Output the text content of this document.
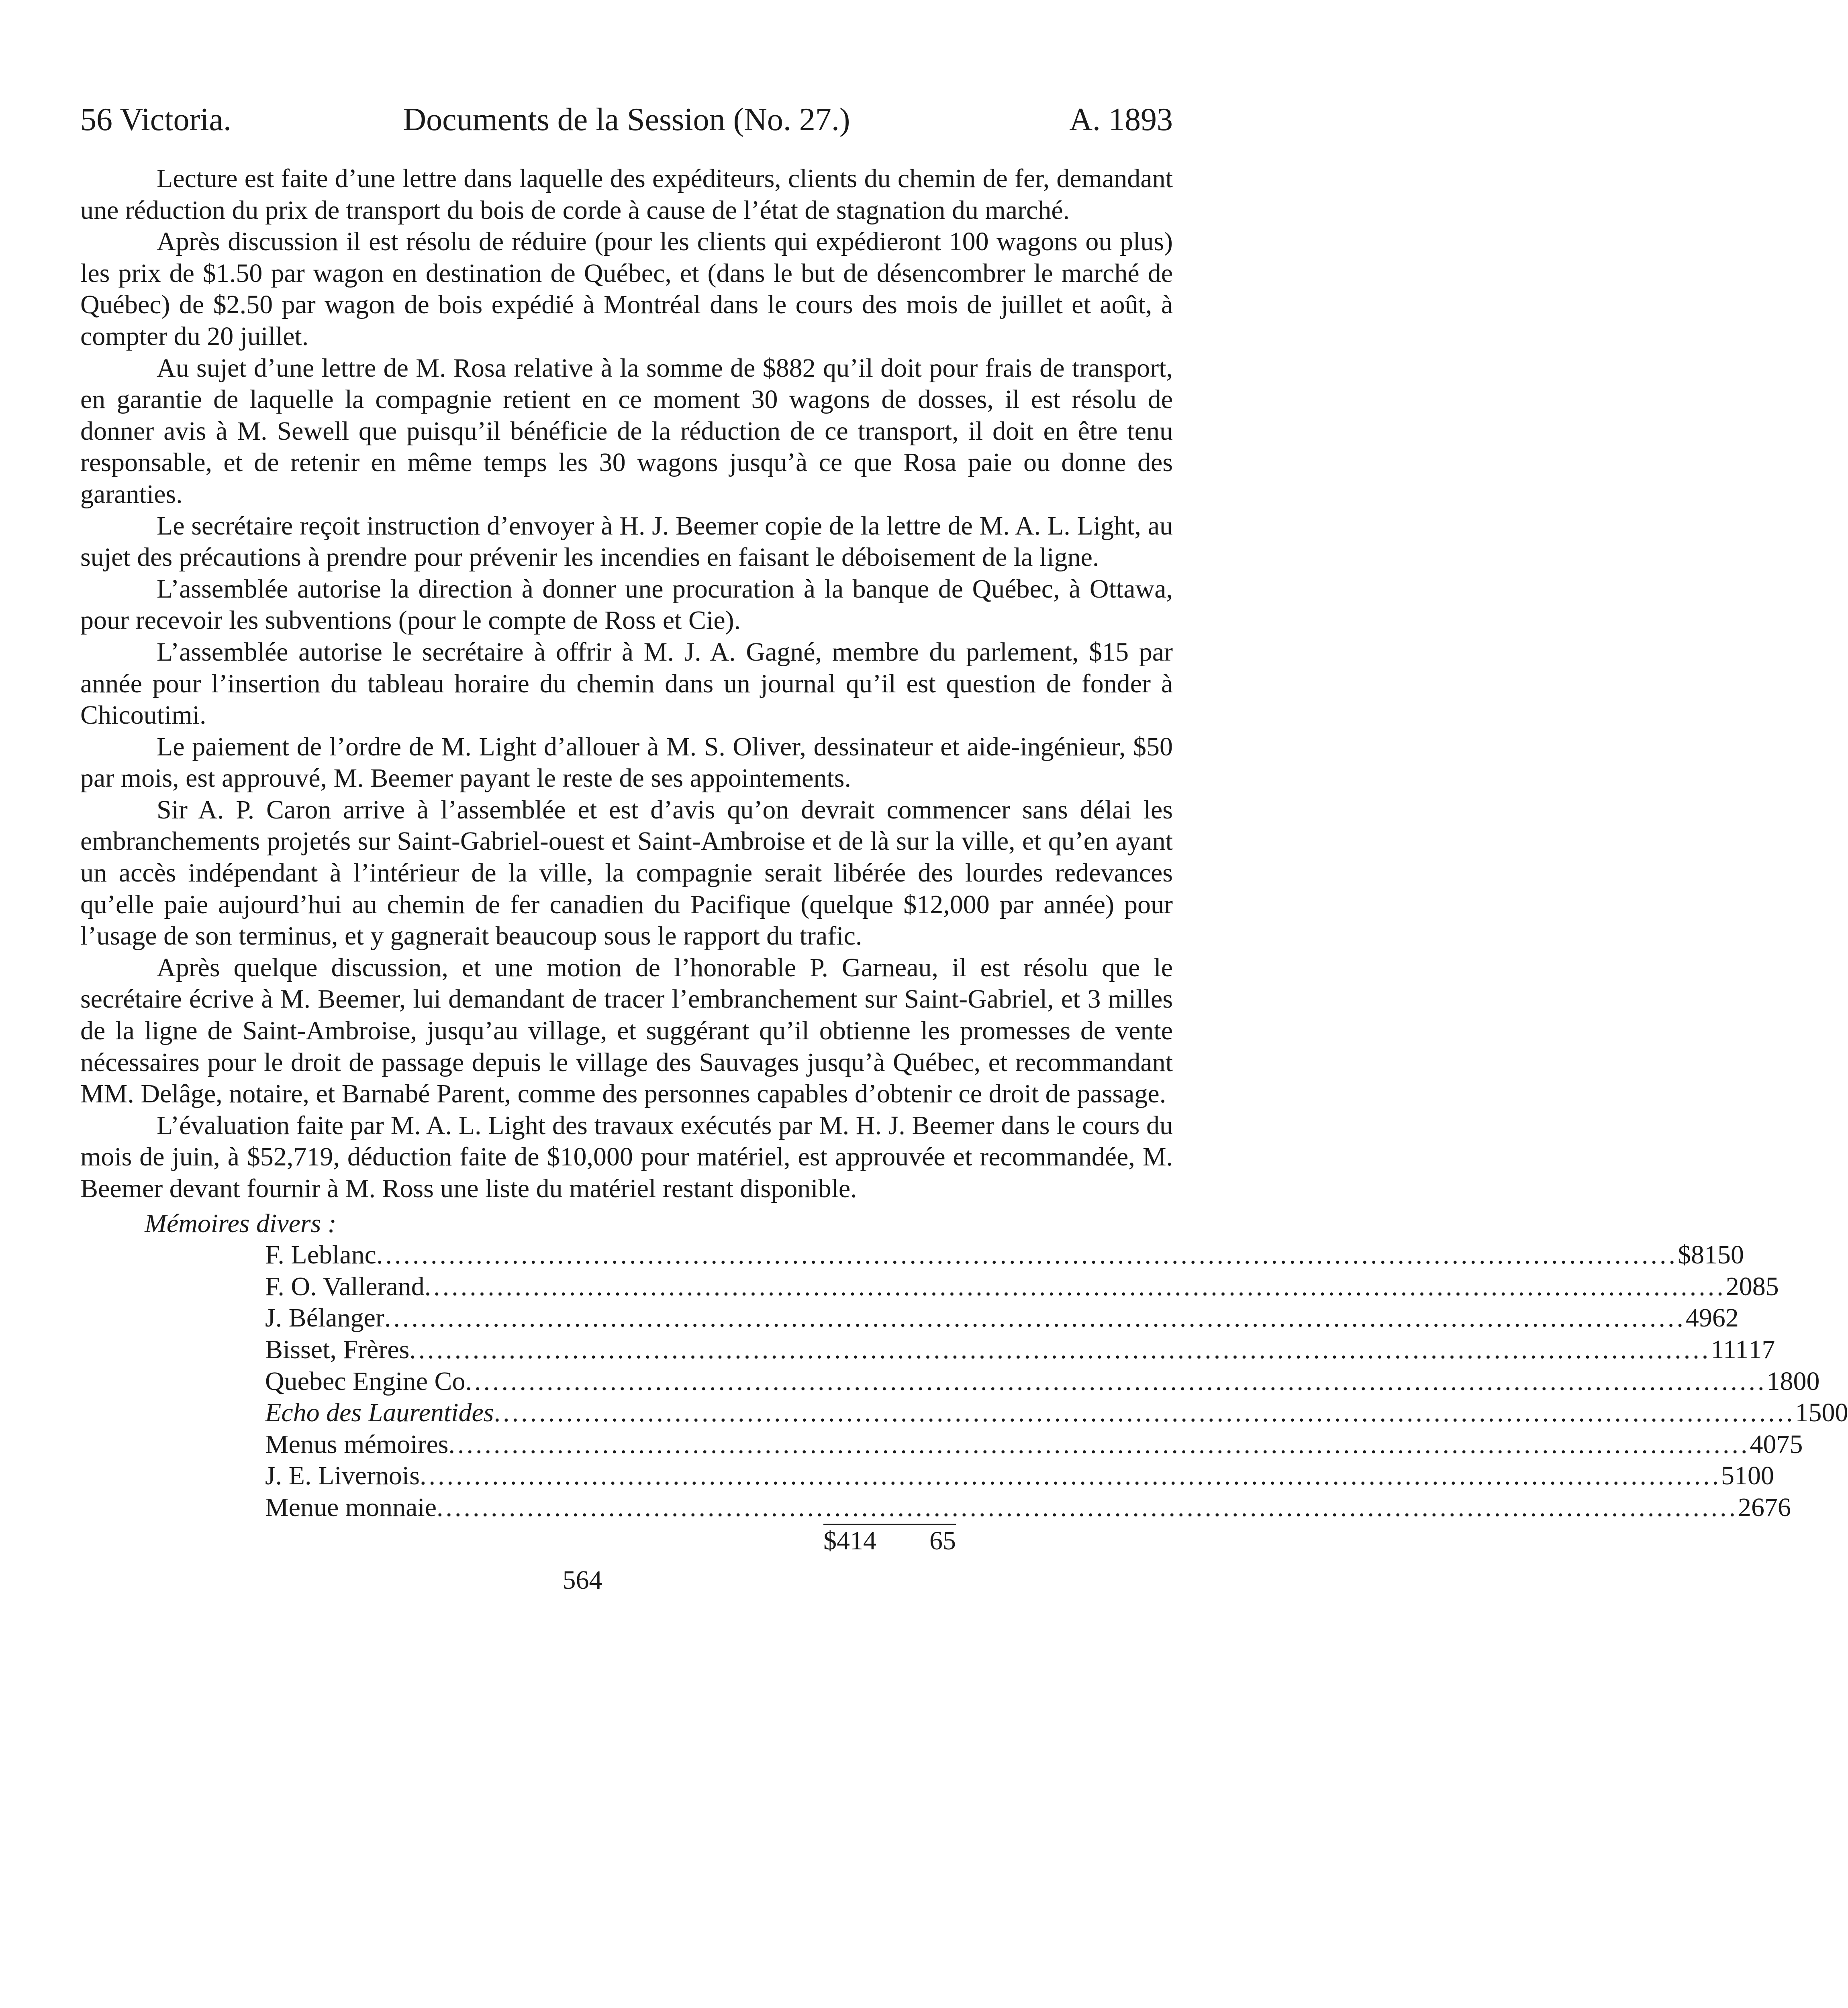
56 Victoria.	Documents de la Session (No. 27.)	A. 1893

Lecture est faite d’une lettre dans laquelle des expéditeurs, clients du chemin de fer, demandant une réduction du prix de transport du bois de corde à cause de l’état de stagnation du marché.

Après discussion il est résolu de réduire (pour les clients qui expédieront 100 wagons ou plus) les prix de $1.50 par wagon en destination de Québec, et (dans le but de désencombrer le marché de Québec) de $2.50 par wagon de bois expédié à Montréal dans le cours des mois de juillet et août, à compter du 20 juillet.

Au sujet d’une lettre de M. Rosa relative à la somme de $882 qu’il doit pour frais de transport, en garantie de laquelle la compagnie retient en ce moment 30 wagons de dosses, il est résolu de donner avis à M. Sewell que puisqu’il bénéficie de la réduction de ce transport, il doit en être tenu responsable, et de retenir en même temps les 30 wagons jusqu’à ce que Rosa paie ou donne des garanties.

Le secrétaire reçoit instruction d’envoyer à H. J. Beemer copie de la lettre de M. A. L. Light, au sujet des précautions à prendre pour prévenir les incendies en faisant le déboisement de la ligne.

L’assemblée autorise la direction à donner une procuration à la banque de Québec, à Ottawa, pour recevoir les subventions (pour le compte de Ross et Cie).

L’assemblée autorise le secrétaire à offrir à M. J. A. Gagné, membre du parlement, $15 par année pour l’insertion du tableau horaire du chemin dans un journal qu’il est question de fonder à Chicoutimi.

Le paiement de l’ordre de M. Light d’allouer à M. S. Oliver, dessinateur et aide-ingénieur, $50 par mois, est approuvé, M. Beemer payant le reste de ses appointements.

Sir A. P. Caron arrive à l’assemblée et est d’avis qu’on devrait commencer sans délai les embranchements projetés sur Saint-Gabriel-ouest et Saint-Ambroise et de là sur la ville, et qu’en ayant un accès indépendant à l’intérieur de la ville, la compagnie serait libérée des lourdes redevances qu’elle paie aujourd’hui au chemin de fer canadien du Pacifique (quelque $12,000 par année) pour l’usage de son terminus, et y gagnerait beaucoup sous le rapport du trafic.

Après quelque discussion, et une motion de l’honorable P. Garneau, il est résolu que le secrétaire écrive à M. Beemer, lui demandant de tracer l’embranchement sur Saint-Gabriel, et 3 milles de la ligne de Saint-Ambroise, jusqu’au village, et suggérant qu’il obtienne les promesses de vente nécessaires pour le droit de passage depuis le village des Sauvages jusqu’à Québec, et recommandant MM. Delâge, notaire, et Barnabé Parent, comme des personnes capables d’obtenir ce droit de passage.

L’évaluation faite par M. A. L. Light des travaux exécutés par M. H. J. Beemer dans le cours du mois de juin, à $52,719, déduction faite de $10,000 pour matériel, est approuvée et recommandée, M. Beemer devant fournir à M. Ross une liste du matériel restant disponible.

Mémoires divers :
F. Leblanc ................................................................................................................................................ $ 81 50
F. O. Vallerand ................................................................................................................................................ 20 85
J. Bélanger ................................................................................................................................................ 49 62
Bisset, Frères ................................................................................................................................................ 111 17
Quebec Engine Co ................................................................................................................................................ 18 00
Echo des Laurentides ................................................................................................................................................ 15 00
Menus mémoires ................................................................................................................................................ 40 75
J. E. Livernois ................................................................................................................................................ 51 00
Menue monnaie ................................................................................................................................................ 26 76
$414	65
564
